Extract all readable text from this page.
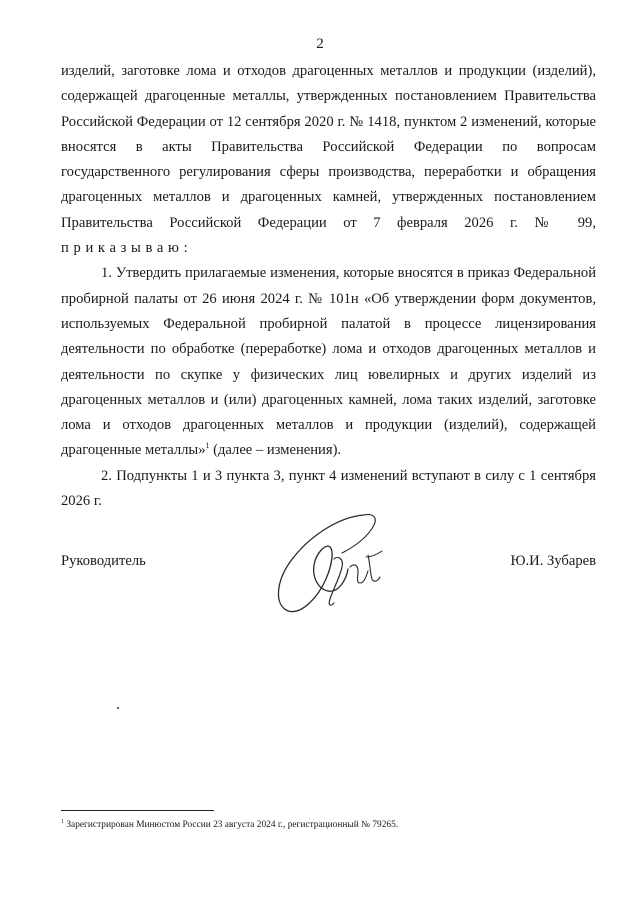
2

изделий, заготовке лома и отходов драгоценных металлов и продукции (изделий), содержащей драгоценные металлы, утвержденных постановлением Правительства Российской Федерации от 12 сентября 2020 г. № 1418, пунктом 2 изменений, которые вносятся в акты Правительства Российской Федерации по вопросам государственного регулирования сферы производства, переработки и обращения драгоценных металлов и драгоценных камней, утвержденных постановлением Правительства Российской Федерации от 7 февраля 2026 г. № 99, приказываю:

1. Утвердить прилагаемые изменения, которые вносятся в приказ Федеральной пробирной палаты от 26 июня 2024 г. № 101н «Об утверждении форм документов, используемых Федеральной пробирной палатой в процессе лицензирования деятельности по обработке (переработке) лома и отходов драгоценных металлов и деятельности по скупке у физических лиц ювелирных и других изделий из драгоценных металлов и (или) драгоценных камней, лома таких изделий, заготовке лома и отходов драгоценных металлов и продукции (изделий), содержащей драгоценные металлы»$^1$ (далее – изменения).

2. Подпункты 1 и 3 пункта 3, пункт 4 изменений вступают в силу с 1 сентября 2026 г.

Руководитель	Ю.И. Зубарев
$^1$ Зарегистрирован Минюстом России 23 августа 2024 г., регистрационный № 79265.
